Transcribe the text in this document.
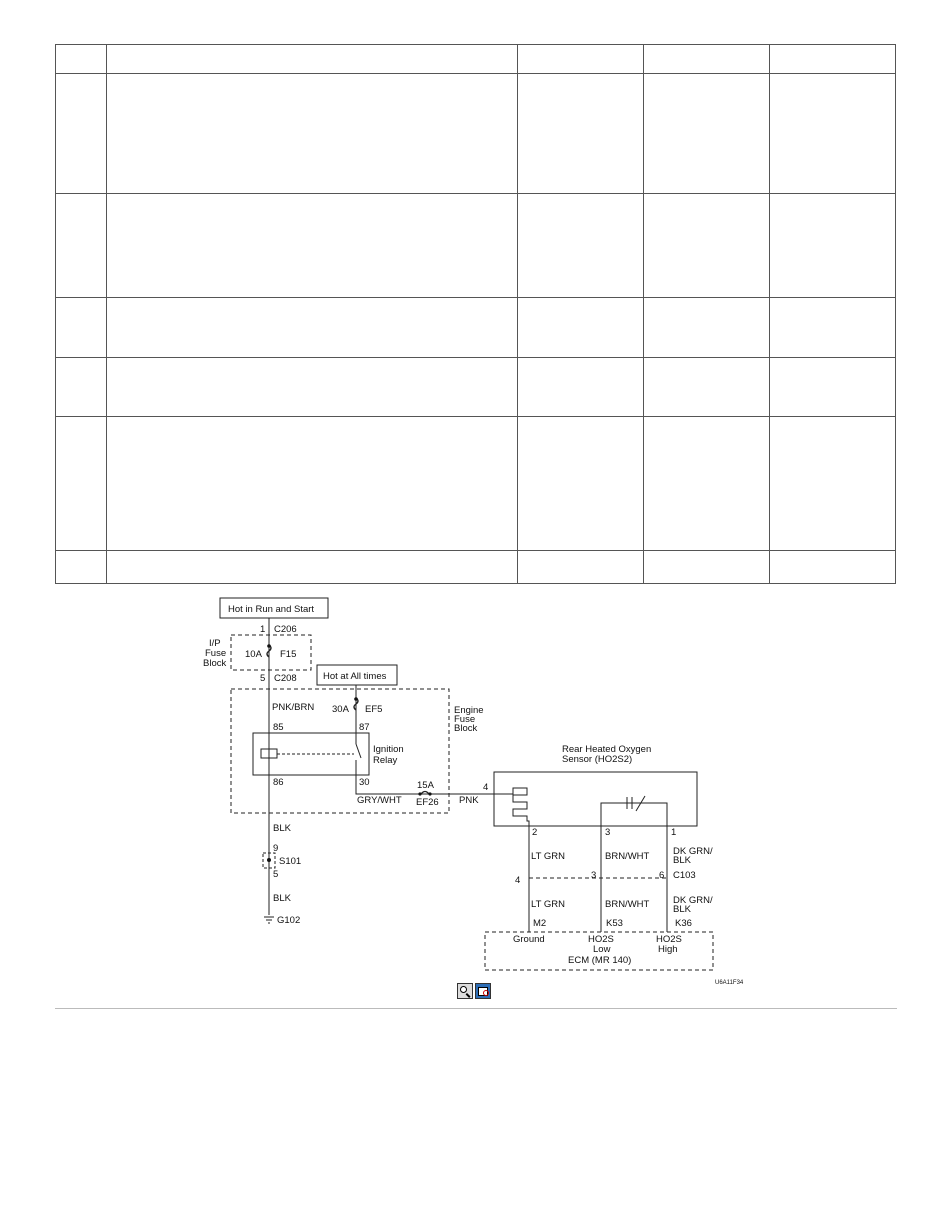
Hot in Run and Start
Hot at All times
1 C206
I/P
Fuse
Block
10A F15
5 C208
30A EF5
PNK/BRN
85	87
Ignition
Relay
86	30
Engine
Fuse
Block
15A
EF26
GRY/WHT	PNK
4
Rear Heated Oxygen
Sensor (HO2S2)
2	3	1
BLK
9
S101
5
BLK
G102
LT GRN	BRN/WHT DK GRN/
BLK
4	3	6 C103
LT GRN	BRN/WHT DK GRN/
BLK
M2	K53	K36
Ground	HO2S
Low
HO2S
High
ECM (MR 140)
U6A11F34
